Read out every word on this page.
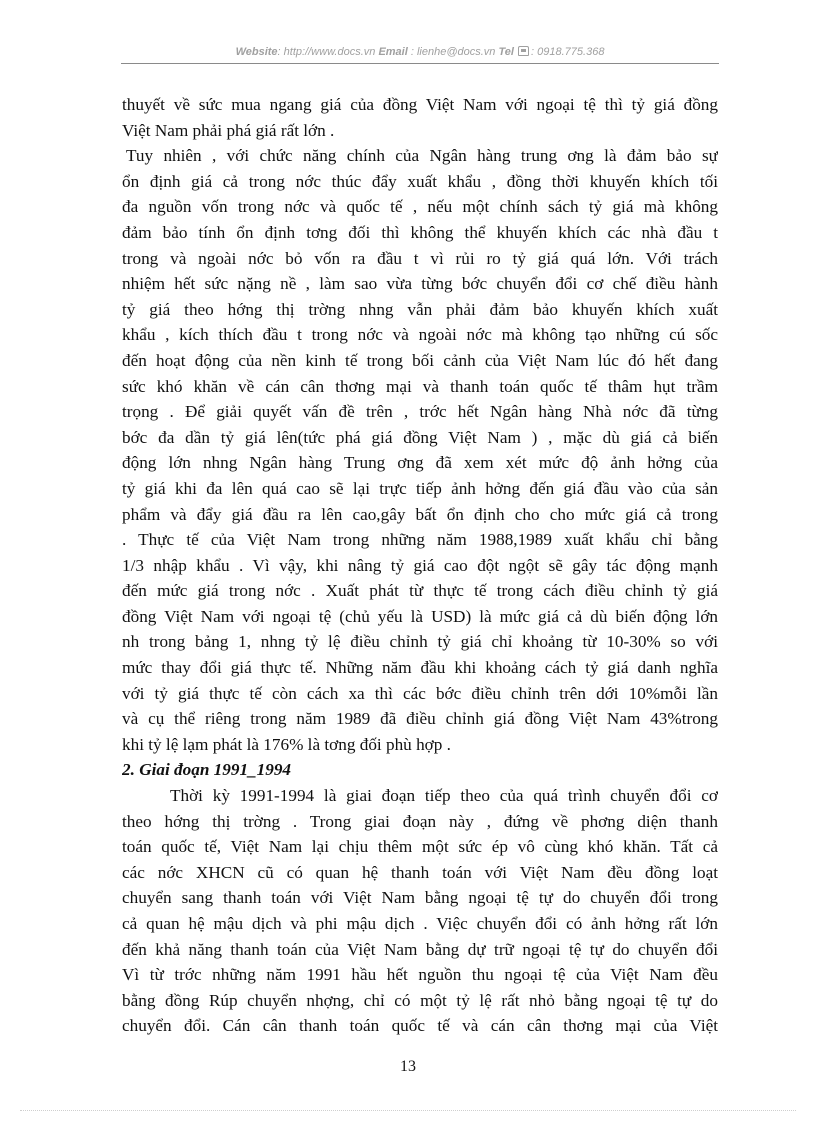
Website: http://www.docs.vn Email : lienhe@docs.vn Tel : 0918.775.368
thuyết về sức mua ngang giá của đồng Việt Nam với ngoại tệ thì tỷ giá đồng
Việt Nam phải phá giá rất lớn .
Tuy nhiên , với chức năng chính của Ngân hàng trung ơng là đảm bảo sự
ổn định giá cả trong nớc thúc đẩy xuất khẩu , đồng thời khuyến khích tối
đa nguồn vốn trong nớc và quốc tế , nếu một chính sách tỷ giá mà không
đảm bảo tính ổn định tơng đối thì không thể khuyến khích các nhà đầu t
trong và ngoài nớc bỏ vốn ra đầu t vì rủi ro tỷ giá quá lớn. Với trách
nhiệm hết sức nặng nề , làm sao vừa từng bớc chuyển đổi cơ chế điều hành
tỷ giá theo hớng thị trờng nhng vẫn phải đảm bảo khuyến khích xuất
khẩu , kích thích đầu t trong nớc và ngoài nớc mà không tạo những cú sốc
đến hoạt động của nền kinh tế trong bối cảnh của Việt Nam lúc đó hết đang
sức khó khăn về cán cân thơng mại và thanh toán quốc tế thâm hụt trầm
trọng . Để giải quyết vấn đề trên , trớc hết Ngân hàng Nhà nớc đã từng
bớc đa dần tỷ giá lên(tức phá giá đồng Việt Nam ) , mặc dù giá cả biến
động lớn nhng Ngân hàng Trung ơng đã xem xét mức độ ảnh hởng của
tỷ giá khi đa lên quá cao sẽ lại trực tiếp ảnh hởng đến giá đầu vào của sản
phẩm và đẩy giá đầu ra lên cao,gây bất ổn định cho cho mức giá cả trong
. Thực tế của Việt Nam trong những năm 1988,1989 xuất khẩu chỉ bằng
1/3 nhập khẩu . Vì vậy, khi nâng tỷ giá cao đột ngột sẽ gây tác động mạnh
đến mức giá trong nớc . Xuất phát từ thực tế trong cách điều chỉnh tỷ giá
đồng Việt Nam với ngoại tệ (chủ yếu là USD) là mức giá cả dù biến động lớn
nh trong bảng 1, nhng tỷ lệ điều chỉnh tỷ giá chỉ khoảng từ 10-30% so với
mức thay đổi giá thực tế. Những năm đầu khi khoảng cách tỷ giá danh nghĩa
với tỷ giá thực tế còn cách xa thì các bớc điều chỉnh trên dới 10%mỗi lần
và cụ thể riêng trong năm 1989 đã điều chỉnh giá đồng Việt Nam 43%trong
khi tỷ lệ lạm phát là 176% là tơng đối phù hợp .
2. Giai đoạn 1991_1994
Thời kỳ 1991-1994 là giai đoạn tiếp theo của quá trình chuyển đổi cơ
theo hớng thị trờng . Trong giai đoạn này , đứng về phơng diện thanh
toán quốc tế, Việt Nam lại chịu thêm một sức ép vô cùng khó khăn. Tất cả
các nớc XHCN cũ có quan hệ thanh toán với Việt Nam đều đồng loạt
chuyển sang thanh toán với Việt Nam bằng ngoại tệ tự do chuyển đổi trong
cả quan hệ mậu dịch và phi mậu dịch . Việc chuyển đổi có ảnh hởng rất lớn
đến khả năng thanh toán của Việt Nam bằng dự trữ ngoại tệ tự do chuyển đổi
Vì từ trớc những năm 1991 hầu hết nguồn thu ngoại tệ của Việt Nam đều
bằng đồng Rúp chuyển nhợng, chỉ có một tỷ lệ rất nhỏ bằng ngoại tệ tự do
chuyển đổi. Cán cân thanh toán quốc tế và cán cân thơng mại của Việt
13
